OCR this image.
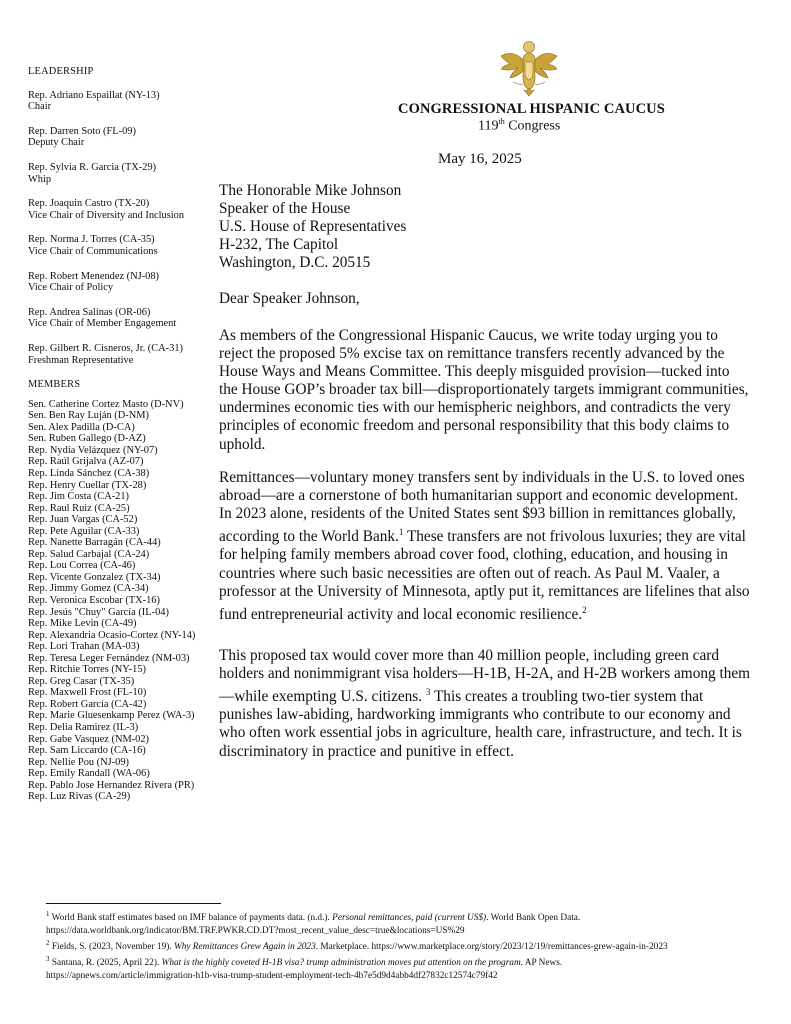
LEADERSHIP
Rep. Adriano Espaillat (NY-13)
Chair
Rep. Darren Soto (FL-09)
Deputy Chair
Rep. Sylvia R. Garcia (TX-29)
Whip
Rep. Joaquin Castro (TX-20)
Vice Chair of Diversity and Inclusion
Rep. Norma J. Torres (CA-35)
Vice Chair of Communications
Rep. Robert Menendez (NJ-08)
Vice Chair of Policy
Rep. Andrea Salinas (OR-06)
Vice Chair of Member Engagement
Rep. Gilbert R. Cisneros, Jr. (CA-31)
Freshman Representative
MEMBERS
Sen. Catherine Cortez Masto (D-NV)
Sen. Ben Ray Luján (D-NM)
Sen. Alex Padilla (D-CA)
Sen. Ruben Gallego (D-AZ)
Rep. Nydia Velázquez (NY-07)
Rep. Raúl Grijalva (AZ-07)
Rep. Linda Sánchez (CA-38)
Rep. Henry Cuellar (TX-28)
Rep. Jim Costa (CA-21)
Rep. Raul Ruiz (CA-25)
Rep. Juan Vargas (CA-52)
Rep. Pete Aguilar (CA-33)
Rep. Nanette Barragán (CA-44)
Rep. Salud Carbajal (CA-24)
Rep. Lou Correa (CA-46)
Rep. Vicente Gonzalez (TX-34)
Rep. Jimmy Gomez (CA-34)
Rep. Veronica Escobar (TX-16)
Rep. Jesús "Chuy" García (IL-04)
Rep. Mike Levin (CA-49)
Rep. Alexandria Ocasio-Cortez (NY-14)
Rep. Lori Trahan (MA-03)
Rep. Teresa Leger Fernández (NM-03)
Rep. Ritchie Torres (NY-15)
Rep. Greg Casar (TX-35)
Rep. Maxwell Frost (FL-10)
Rep. Robert Garcia (CA-42)
Rep. Marie Gluesenkamp Perez (WA-3)
Rep. Delia Ramirez (IL-3)
Rep. Gabe Vasquez (NM-02)
Rep. Sam Liccardo (CA-16)
Rep. Nellie Pou (NJ-09)
Rep. Emily Randall (WA-06)
Rep. Pablo Jose Hernandez Rivera (PR)
Rep. Luz Rivas (CA-29)
CONGRESSIONAL HISPANIC CAUCUS
119th Congress
May 16, 2025
The Honorable Mike Johnson
Speaker of the House
U.S. House of Representatives
H-232, The Capitol
Washington, D.C. 20515
Dear Speaker Johnson,
As members of the Congressional Hispanic Caucus, we write today urging you to reject the proposed 5% excise tax on remittance transfers recently advanced by the House Ways and Means Committee. This deeply misguided provision—tucked into the House GOP’s broader tax bill—disproportionately targets immigrant communities, undermines economic ties with our hemispheric neighbors, and contradicts the very principles of economic freedom and personal responsibility that this body claims to uphold.
Remittances—voluntary money transfers sent by individuals in the U.S. to loved ones abroad—are a cornerstone of both humanitarian support and economic development. In 2023 alone, residents of the United States sent $93 billion in remittances globally, according to the World Bank.$^1$ These transfers are not frivolous luxuries; they are vital for helping family members abroad cover food, clothing, education, and housing in countries where such basic necessities are often out of reach. As Paul M. Vaaler, a professor at the University of Minnesota, aptly put it, remittances are lifelines that also fund entrepreneurial activity and local economic resilience.$^2$
This proposed tax would cover more than 40 million people, including green card holders and nonimmigrant visa holders—H-1B, H-2A, and H-2B workers among them—while exempting U.S. citizens. $^3$ This creates a troubling two-tier system that punishes law-abiding, hardworking immigrants who contribute to our economy and who often work essential jobs in agriculture, health care, infrastructure, and tech. It is discriminatory in practice and punitive in effect.
$^1$ World Bank staff estimates based on IMF balance of payments data. (n.d.). Personal remittances, paid (current US$). World Bank Open Data.
https://data.worldbank.org/indicator/BM.TRF.PWKR.CD.DT?most_recent_value_desc=true&locations=US%29
$^2$ Fields, S. (2023, November 19). Why Remittances Grew Again in 2023. Marketplace. https://www.marketplace.org/story/2023/12/19/remittances-grew-again-in-2023
$^3$ Santana, R. (2025, April 22). What is the highly coveted H-1B visa? trump administration moves put attention on the program. AP News.
https://apnews.com/article/immigration-h1b-visa-trump-student-employment-tech-4b7e5d9d4abb4df27832c12574c79f42
